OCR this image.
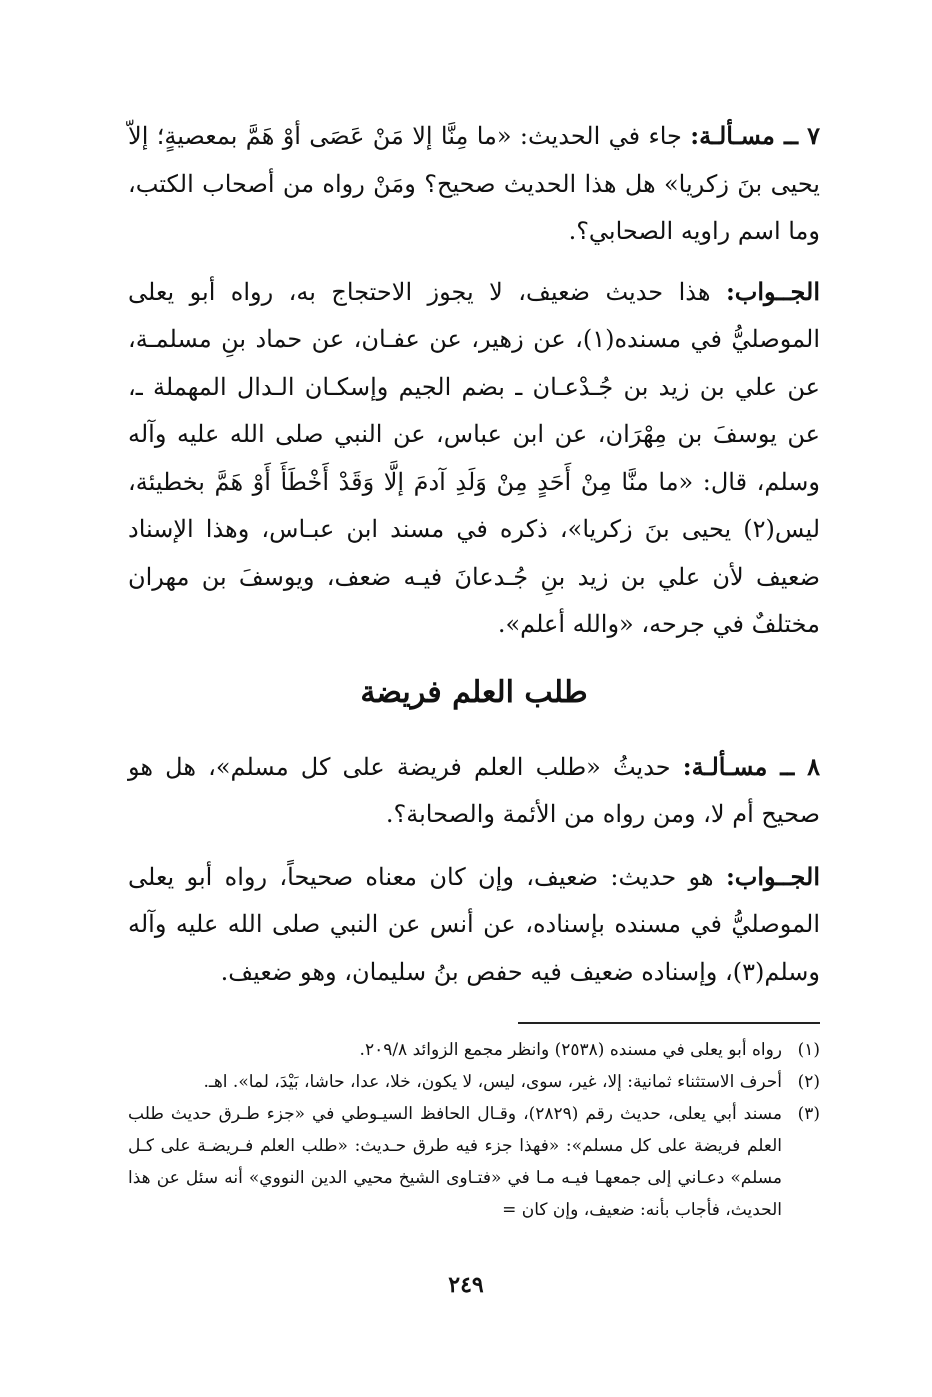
٧ ــ مسـألـة: جاء في الحديث: «ما مِنَّا إلا مَنْ عَصَى أوْ هَمَّ بمعصيةٍ؛ إلاّ يحيى بنَ زكريا» هل هذا الحديث صحيح؟ ومَنْ رواه من أصحاب الكتب، وما اسم راويه الصحابي؟.

الجــواب: هذا حديث ضعيف، لا يجوز الاحتجاج به، رواه أبو يعلى الموصليُّ في مسنده(١)، عن زهير، عن عفـان، عن حماد بنِ مسلمـة، عن علي بن زيد بن جُـدْعـان ـ بضم الجيم وإسكـان الـدال المهملة ـ، عن يوسفَ بن مِهْرَان، عن ابن عباس، عن النبي صلى الله عليه وآله وسلم، قال: «ما منَّا مِنْ أَحَدٍ مِنْ وَلَدِ آدمَ إلَّا وَقَدْ أَخْطَأَ أَوْ هَمَّ بخطيئة، ليس(٢) يحيى بنَ زكريا»، ذكره في مسند ابن عبـاس، وهذا الإسناد ضعيف لأن علي بن زيد بنِ جُـدعانَ فيـه ضعف، ويوسفَ بن مهران مختلفٌ في جرحه، «والله أعلم».

طلب العلم فريضة

٨ ــ مسـألـة: حديثُ «طلب العلم فريضة على كل مسلم»، هل هو صحيح أم لا، ومن رواه من الأئمة والصحابة؟.

الجــواب: هو حديث: ضعيف، وإن كان معناه صحيحاً، رواه أبو يعلى الموصليُّ في مسنده بإسناده، عن أنس عن النبي صلى الله عليه وآله وسلم(٣)، وإسناده ضعيف فيه حفص بنُ سليمان، وهو ضعيف.

(١)
رواه أبو يعلى في مسنده (٢٥٣٨) وانظر مجمع الزوائد ٢٠٩/٨.
(٢)
أحرف الاستثناء ثمانية: إلا، غير، سوى، ليس، لا يكون، خلا، عدا، حاشا، بَيْدَ، لما». اهـ.
(٣)
مسند أبي يعلى، حديث رقم (٢٨٢٩)، وقـال الحافظ السيـوطي في «جزء طـرق حديث طلب العلم فريضة على كل مسلم»: «فهذا جزء فيه طرق حـديث: «طلب العلم فـريضـة على كـل مسلم» دعـاني إلى جمعهـا فيـه مـا في «فتـاوى الشيخ محيي الدين النووي» أنه سئل عن هذا الحديث، فأجاب بأنه: ضعيف، وإن كان =
٢٤٩
